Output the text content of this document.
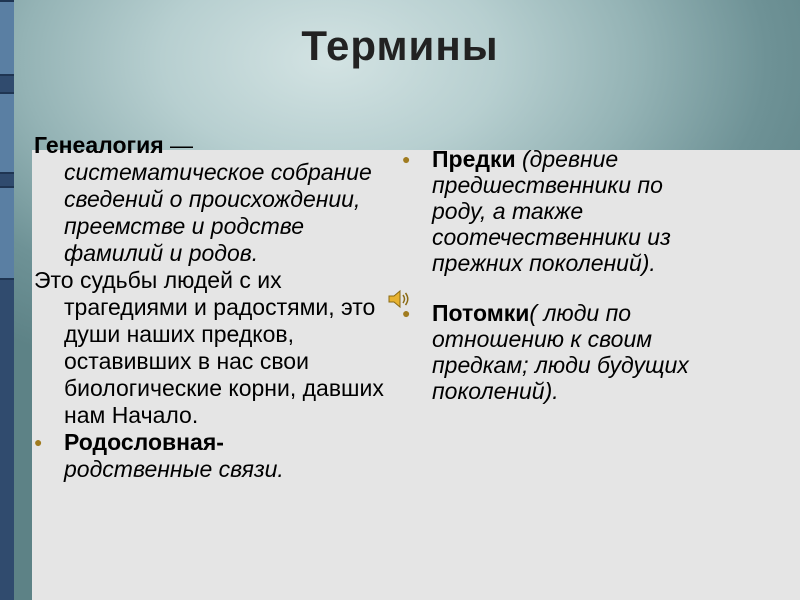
Термины
Генеалогия —
систематическое собрание сведений о происхождении, преемстве и родстве фамилий и родов.
Это судьбы людей с их трагедиями и радостями, это души наших предков, оставивших в нас свои биологические корни, давших нам Начало.
● Родословная-
родственные связи.
● Предки (древние предшественники по роду, а также соотечественники из прежних поколений).
● Потомки( люди по отношению к своим предкам; люди будущих поколений).
